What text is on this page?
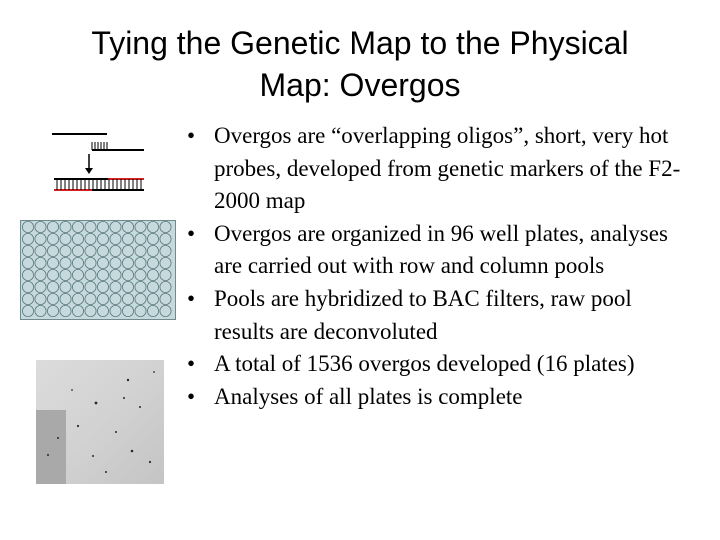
Tying the Genetic Map to the Physical
Map: Overgos
• Overgos are “overlapping oligos”, short, very hot probes, developed from genetic markers of the F2-2000 map
• Overgos are organized in 96 well plates, analyses are carried out with row and column pools
• Pools are hybridized to BAC filters, raw pool results are deconvoluted
• A total of 1536 overgos developed (16 plates)
• Analyses of all plates is complete
